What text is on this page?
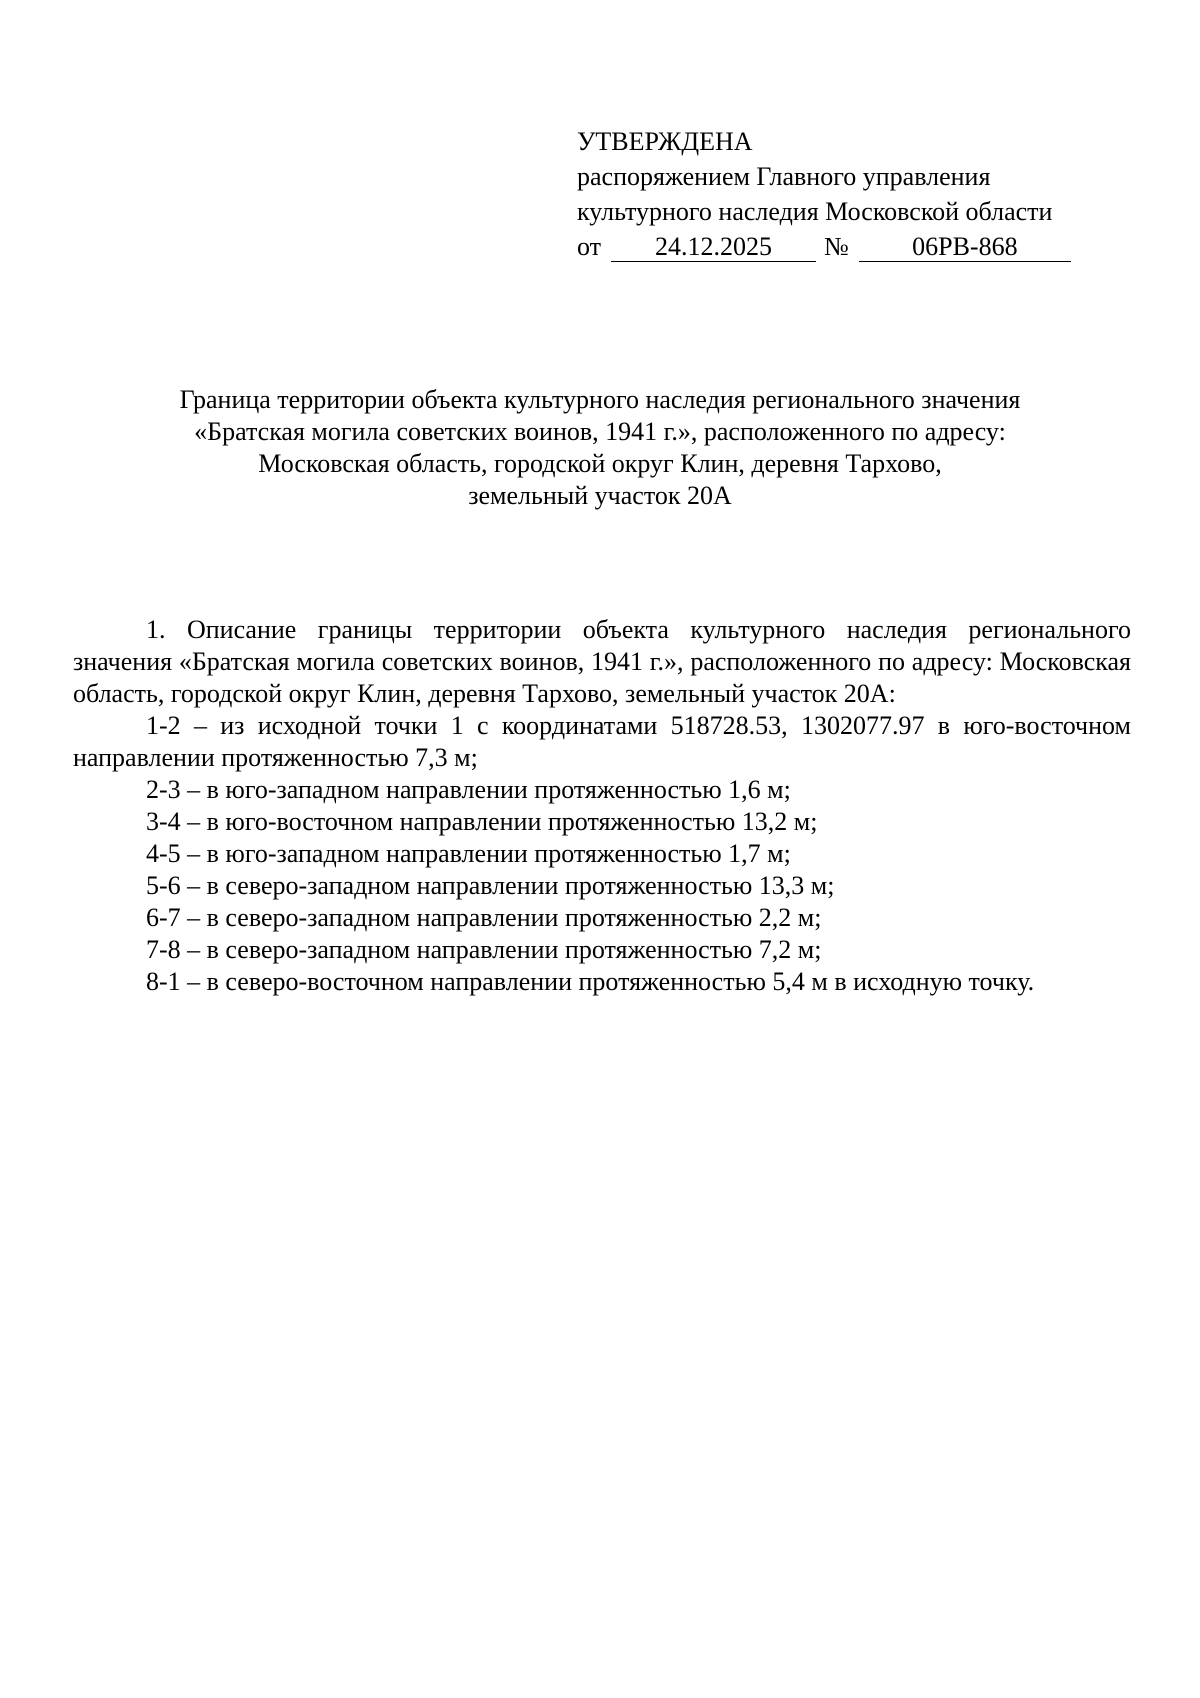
УТВЕРЖДЕНА
распоряжением Главного управления
культурного наследия Московской области
от	24.12.2025	№	06РВ-868
Граница территории объекта культурного наследия регионального значения
«Братская могила советских воинов, 1941 г.», расположенного по адресу:
Московская область, городской округ Клин, деревня Тархово,
земельный участок 20А

1. Описание границы территории объекта культурного наследия регионального значения «Братская могила советских воинов, 1941 г.», расположенного по адресу: Московская область, городской округ Клин, деревня Тархово, земельный участок 20А:

1-2 – из исходной точки 1 с координатами 518728.53, 1302077.97 в юго-восточном направлении протяженностью 7,3 м;
2-3 – в юго-западном направлении протяженностью 1,6 м;
3-4 – в юго-восточном направлении протяженностью 13,2 м;
4-5 – в юго-западном направлении протяженностью 1,7 м;
5-6 – в северо-западном направлении протяженностью 13,3 м;
6-7 – в северо-западном направлении протяженностью 2,2 м;
7-8 – в северо-западном направлении протяженностью 7,2 м;
8-1 – в северо-восточном направлении протяженностью 5,4 м в исходную точку.
